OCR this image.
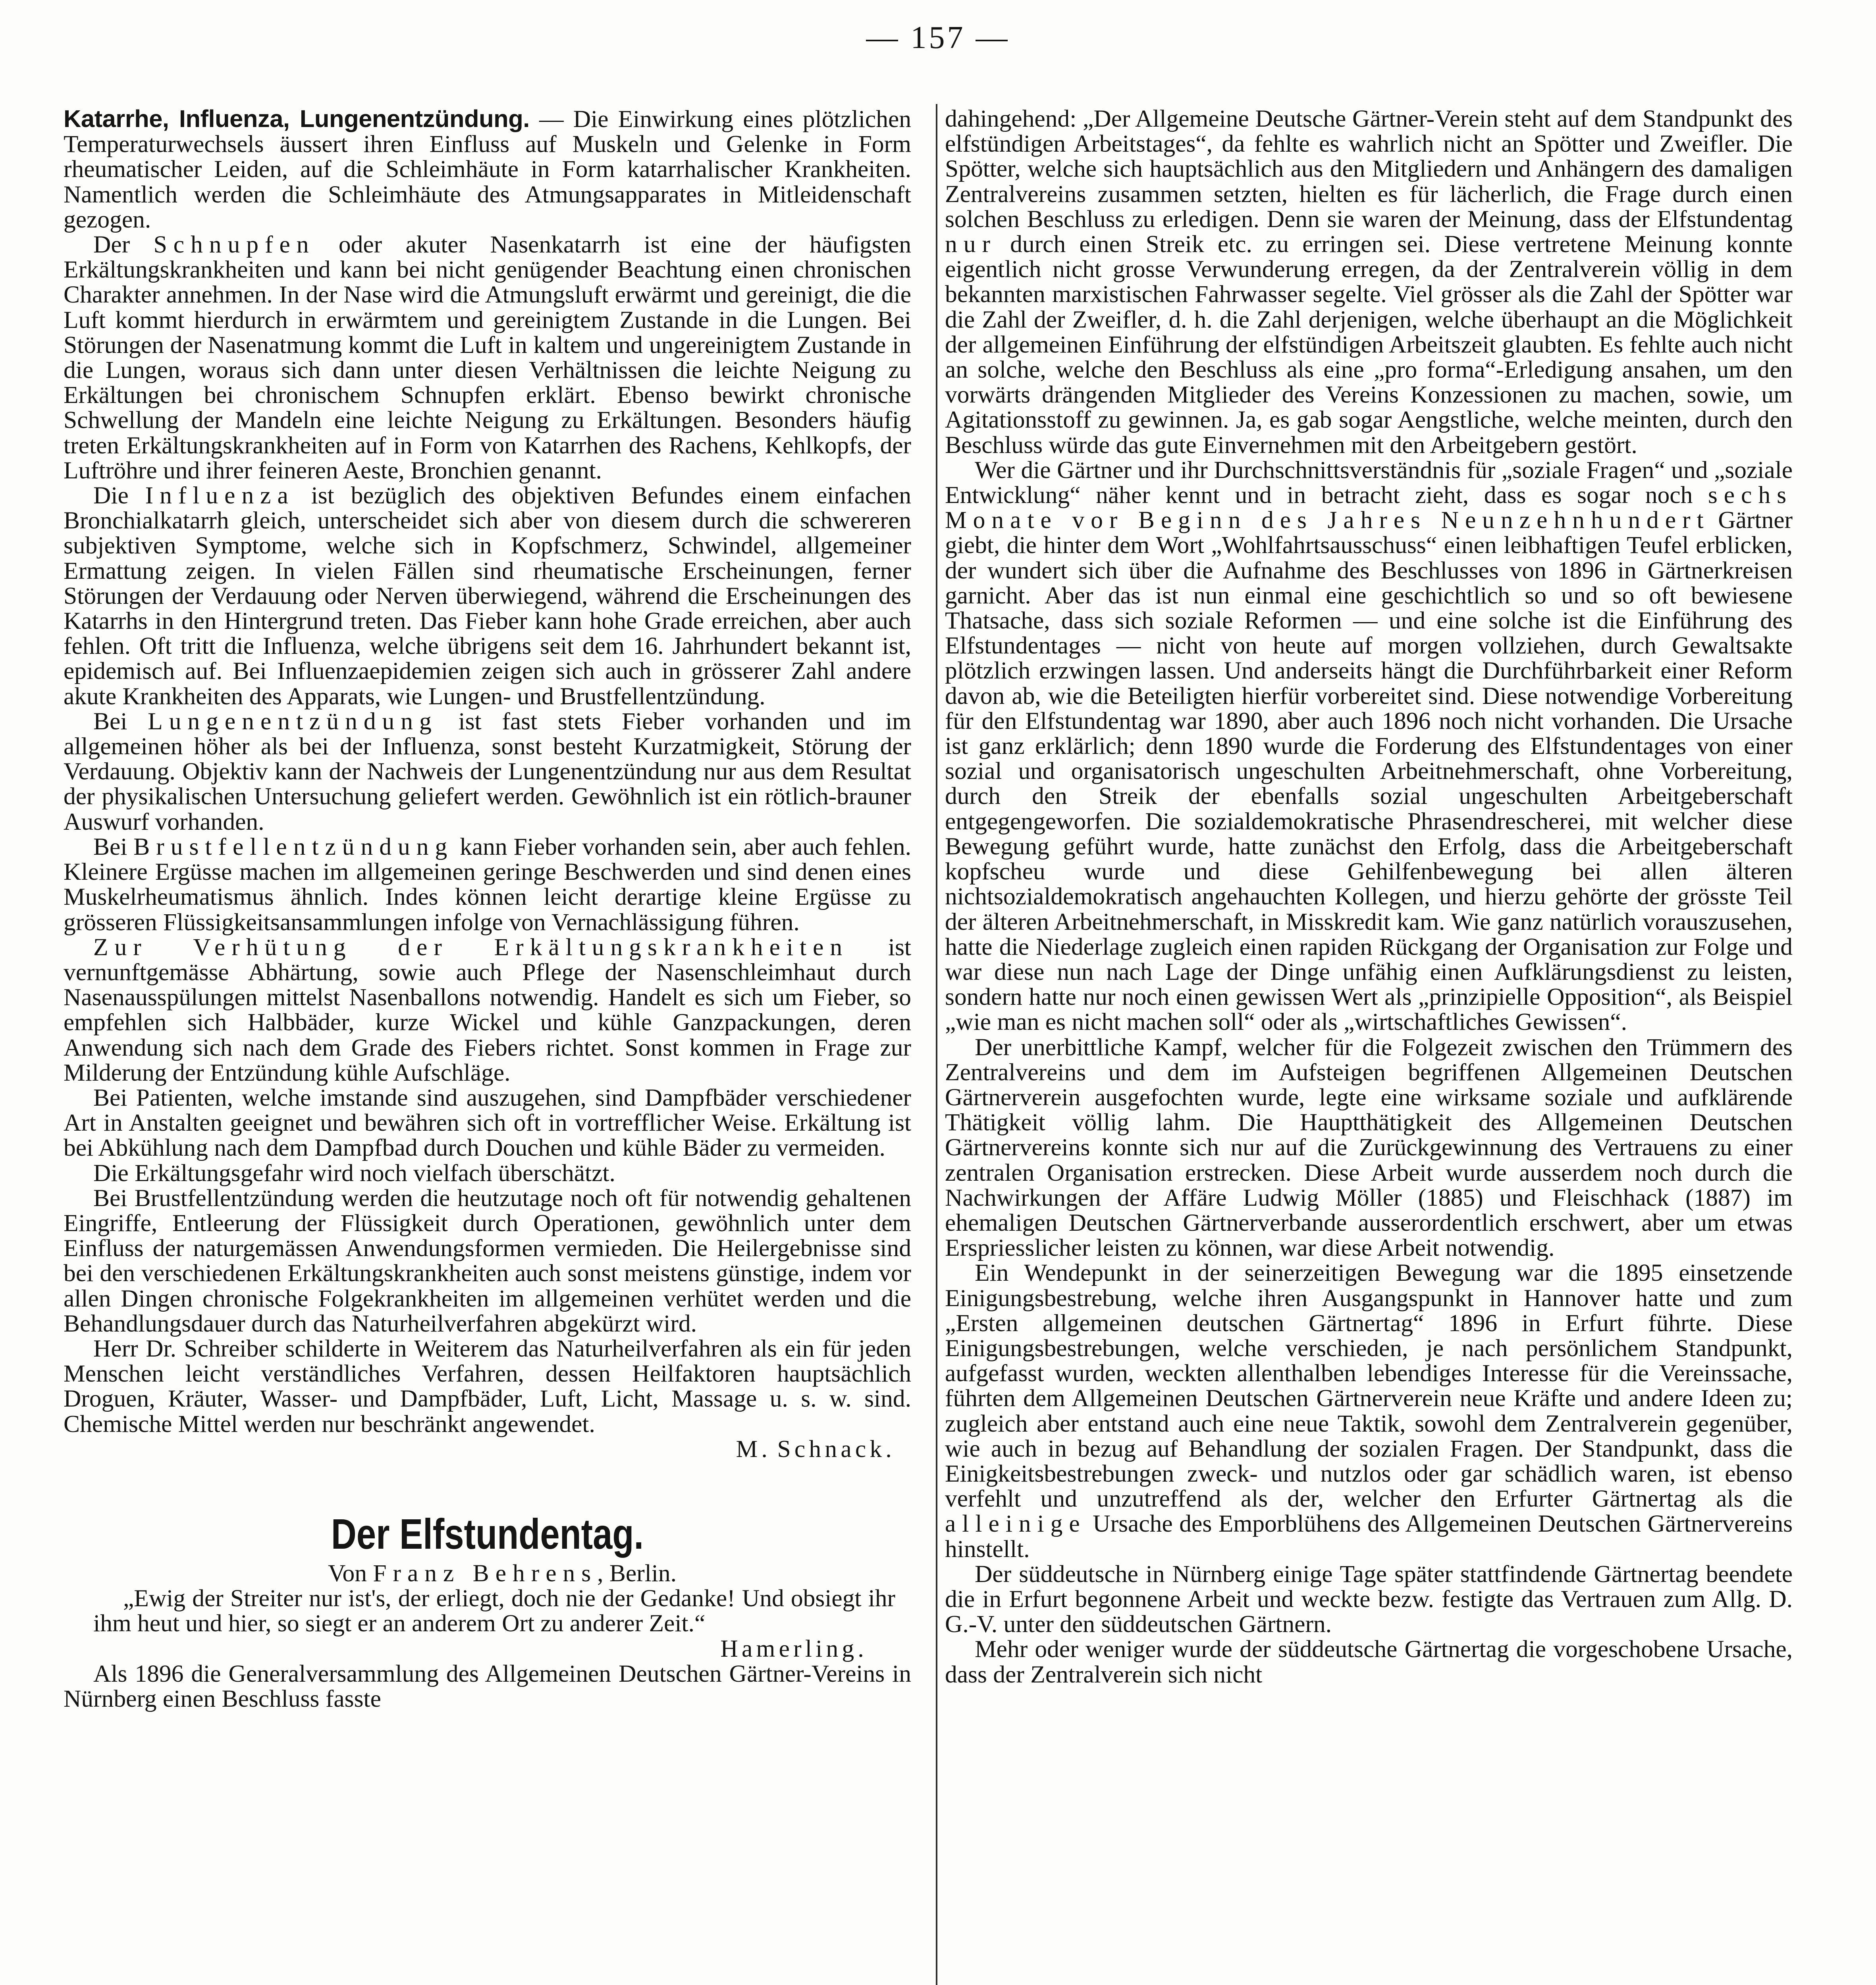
— 157 —

Katarrhe, Influenza, Lungenentzündung. — Die Einwirkung eines plötzlichen Temperaturwechsels äussert ihren Einfluss auf Muskeln und Gelenke in Form rheumatischer Leiden, auf die Schleimhäute in Form katarrhalischer Krankheiten. Namentlich werden die Schleimhäute des Atmungsapparates in Mitleidenschaft gezogen.

Der Schnupfen oder akuter Nasenkatarrh ist eine der häufigsten Erkältungskrankheiten und kann bei nicht genügender Beachtung einen chronischen Charakter annehmen. In der Nase wird die Atmungsluft erwärmt und gereinigt, die die Luft kommt hierdurch in erwärmtem und gereinigtem Zustande in die Lungen. Bei Störungen der Nasenatmung kommt die Luft in kaltem und ungereinigtem Zustande in die Lungen, woraus sich dann unter diesen Verhältnissen die leichte Neigung zu Erkältungen bei chronischem Schnupfen erklärt. Ebenso bewirkt chronische Schwellung der Mandeln eine leichte Neigung zu Erkältungen. Besonders häufig treten Erkältungskrankheiten auf in Form von Katarrhen des Rachens, Kehlkopfs, der Luftröhre und ihrer feineren Aeste, Bronchien genannt.

Die Influenza ist bezüglich des objektiven Befundes einem einfachen Bronchialkatarrh gleich, unterscheidet sich aber von diesem durch die schwereren subjektiven Symptome, welche sich in Kopfschmerz, Schwindel, allgemeiner Ermattung zeigen. In vielen Fällen sind rheumatische Erscheinungen, ferner Störungen der Verdauung oder Nerven überwiegend, während die Erscheinungen des Katarrhs in den Hintergrund treten. Das Fieber kann hohe Grade erreichen, aber auch fehlen. Oft tritt die Influenza, welche übrigens seit dem 16. Jahrhundert bekannt ist, epidemisch auf. Bei Influenzaepidemien zeigen sich auch in grösserer Zahl andere akute Krankheiten des Apparats, wie Lungen- und Brustfellentzündung.

Bei Lungenentzündung ist fast stets Fieber vorhanden und im allgemeinen höher als bei der Influenza, sonst besteht Kurzatmigkeit, Störung der Verdauung. Objektiv kann der Nachweis der Lungenentzündung nur aus dem Resultat der physikalischen Untersuchung geliefert werden. Gewöhnlich ist ein rötlich-brauner Auswurf vorhanden.

Bei Brustfellentzündung kann Fieber vorhanden sein, aber auch fehlen. Kleinere Ergüsse machen im allgemeinen geringe Beschwerden und sind denen eines Muskelrheumatismus ähnlich. Indes können leicht derartige kleine Ergüsse zu grösseren Flüssigkeitsansammlungen infolge von Vernachlässigung führen.

Zur Verhütung der Erkältungskrankheiten ist vernunftgemässe Abhärtung, sowie auch Pflege der Nasenschleimhaut durch Nasenausspülungen mittelst Nasenballons notwendig. Handelt es sich um Fieber, so empfehlen sich Halbbäder, kurze Wickel und kühle Ganzpackungen, deren Anwendung sich nach dem Grade des Fiebers richtet. Sonst kommen in Frage zur Milderung der Entzündung kühle Aufschläge.

Bei Patienten, welche imstande sind auszugehen, sind Dampfbäder verschiedener Art in Anstalten geeignet und bewähren sich oft in vortrefflicher Weise. Erkältung ist bei Abkühlung nach dem Dampfbad durch Douchen und kühle Bäder zu vermeiden.

Die Erkältungsgefahr wird noch vielfach überschätzt.

Bei Brustfellentzündung werden die heutzutage noch oft für notwendig gehaltenen Eingriffe, Entleerung der Flüssigkeit durch Operationen, gewöhnlich unter dem Einfluss der naturgemässen Anwendungsformen vermieden. Die Heilergebnisse sind bei den verschiedenen Erkältungskrankheiten auch sonst meistens günstige, indem vor allen Dingen chronische Folgekrankheiten im allgemeinen verhütet werden und die Behandlungsdauer durch das Naturheilverfahren abgekürzt wird.

Herr Dr. Schreiber schilderte in Weiterem das Naturheilverfahren als ein für jeden Menschen leicht verständliches Verfahren, dessen Heilfaktoren hauptsächlich Droguen, Kräuter, Wasser- und Dampfbäder, Luft, Licht, Massage u. s. w. sind. Chemische Mittel werden nur beschränkt angewendet.

M. Schnack.

Der Elfstundentag.

Von Franz Behrens, Berlin.

„Ewig der Streiter nur ist's, der erliegt, doch nie der Gedanke! Und obsiegt ihr ihm heut und hier, so siegt er an anderem Ort zu anderer Zeit.“

Hamerling.

Als 1896 die Generalversammlung des Allgemeinen Deutschen Gärtner-Vereins in Nürnberg einen Beschluss fasste

dahingehend: „Der Allgemeine Deutsche Gärtner-Verein steht auf dem Standpunkt des elfstündigen Arbeitstages“, da fehlte es wahrlich nicht an Spötter und Zweifler. Die Spötter, welche sich hauptsächlich aus den Mitgliedern und Anhängern des damaligen Zentralvereins zusammen setzten, hielten es für lächerlich, die Frage durch einen solchen Beschluss zu erledigen. Denn sie waren der Meinung, dass der Elfstundentag nur durch einen Streik etc. zu erringen sei. Diese vertretene Meinung konnte eigentlich nicht grosse Verwunderung erregen, da der Zentralverein völlig in dem bekannten marxistischen Fahrwasser segelte. Viel grösser als die Zahl der Spötter war die Zahl der Zweifler, d. h. die Zahl derjenigen, welche überhaupt an die Möglichkeit der allgemeinen Einführung der elfstündigen Arbeitszeit glaubten. Es fehlte auch nicht an solche, welche den Beschluss als eine „pro forma“-Erledigung ansahen, um den vorwärts drängenden Mitglieder des Vereins Konzessionen zu machen, sowie, um Agitationsstoff zu gewinnen. Ja, es gab sogar Aengstliche, welche meinten, durch den Beschluss würde das gute Einvernehmen mit den Arbeitgebern gestört.

Wer die Gärtner und ihr Durchschnittsverständnis für „soziale Fragen“ und „soziale Entwicklung“ näher kennt und in betracht zieht, dass es sogar noch sechs Monate vor Beginn des Jahres Neunzehnhundert Gärtner giebt, die hinter dem Wort „Wohlfahrtsausschuss“ einen leibhaftigen Teufel erblicken, der wundert sich über die Aufnahme des Beschlusses von 1896 in Gärtnerkreisen garnicht. Aber das ist nun einmal eine geschichtlich so und so oft bewiesene Thatsache, dass sich soziale Reformen — und eine solche ist die Einführung des Elfstundentages — nicht von heute auf morgen vollziehen, durch Gewaltsakte plötzlich erzwingen lassen. Und anderseits hängt die Durchführbarkeit einer Reform davon ab, wie die Beteiligten hierfür vorbereitet sind. Diese notwendige Vorbereitung für den Elfstundentag war 1890, aber auch 1896 noch nicht vorhanden. Die Ursache ist ganz erklärlich; denn 1890 wurde die Forderung des Elfstundentages von einer sozial und organisatorisch ungeschulten Arbeitnehmerschaft, ohne Vorbereitung, durch den Streik der ebenfalls sozial ungeschulten Arbeitgeberschaft entgegengeworfen. Die sozialdemokratische Phrasendrescherei, mit welcher diese Bewegung geführt wurde, hatte zunächst den Erfolg, dass die Arbeitgeberschaft kopfscheu wurde und diese Gehilfenbewegung bei allen älteren nichtsozialdemokratisch angehauchten Kollegen, und hierzu gehörte der grösste Teil der älteren Arbeitnehmerschaft, in Misskredit kam. Wie ganz natürlich vorauszusehen, hatte die Niederlage zugleich einen rapiden Rückgang der Organisation zur Folge und war diese nun nach Lage der Dinge unfähig einen Aufklärungsdienst zu leisten, sondern hatte nur noch einen gewissen Wert als „prinzipielle Opposition“, als Beispiel „wie man es nicht machen soll“ oder als „wirtschaftliches Gewissen“.

Der unerbittliche Kampf, welcher für die Folgezeit zwischen den Trümmern des Zentralvereins und dem im Aufsteigen begriffenen Allgemeinen Deutschen Gärtnerverein ausgefochten wurde, legte eine wirksame soziale und aufklärende Thätigkeit völlig lahm. Die Hauptthätigkeit des Allgemeinen Deutschen Gärtnervereins konnte sich nur auf die Zurückgewinnung des Vertrauens zu einer zentralen Organisation erstrecken. Diese Arbeit wurde ausserdem noch durch die Nachwirkungen der Affäre Ludwig Möller (1885) und Fleischhack (1887) im ehemaligen Deutschen Gärtnerverbande ausserordentlich erschwert, aber um etwas Erspriesslicher leisten zu können, war diese Arbeit notwendig.

Ein Wendepunkt in der seinerzeitigen Bewegung war die 1895 einsetzende Einigungsbestrebung, welche ihren Ausgangspunkt in Hannover hatte und zum „Ersten allgemeinen deutschen Gärtnertag“ 1896 in Erfurt führte. Diese Einigungsbestrebungen, welche verschieden, je nach persönlichem Standpunkt, aufgefasst wurden, weckten allenthalben lebendiges Interesse für die Vereinssache, führten dem Allgemeinen Deutschen Gärtnerverein neue Kräfte und andere Ideen zu; zugleich aber entstand auch eine neue Taktik, sowohl dem Zentralverein gegenüber, wie auch in bezug auf Behandlung der sozialen Fragen. Der Standpunkt, dass die Einigkeitsbestrebungen zweck- und nutzlos oder gar schädlich waren, ist ebenso verfehlt und unzutreffend als der, welcher den Erfurter Gärtnertag als die alleinige Ursache des Emporblühens des Allgemeinen Deutschen Gärtnervereins hinstellt.

Der süddeutsche in Nürnberg einige Tage später stattfindende Gärtnertag beendete die in Erfurt begonnene Arbeit und weckte bezw. festigte das Vertrauen zum Allg. D. G.-V. unter den süddeutschen Gärtnern.

Mehr oder weniger wurde der süddeutsche Gärtnertag die vorgeschobene Ursache, dass der Zentralverein sich nicht
